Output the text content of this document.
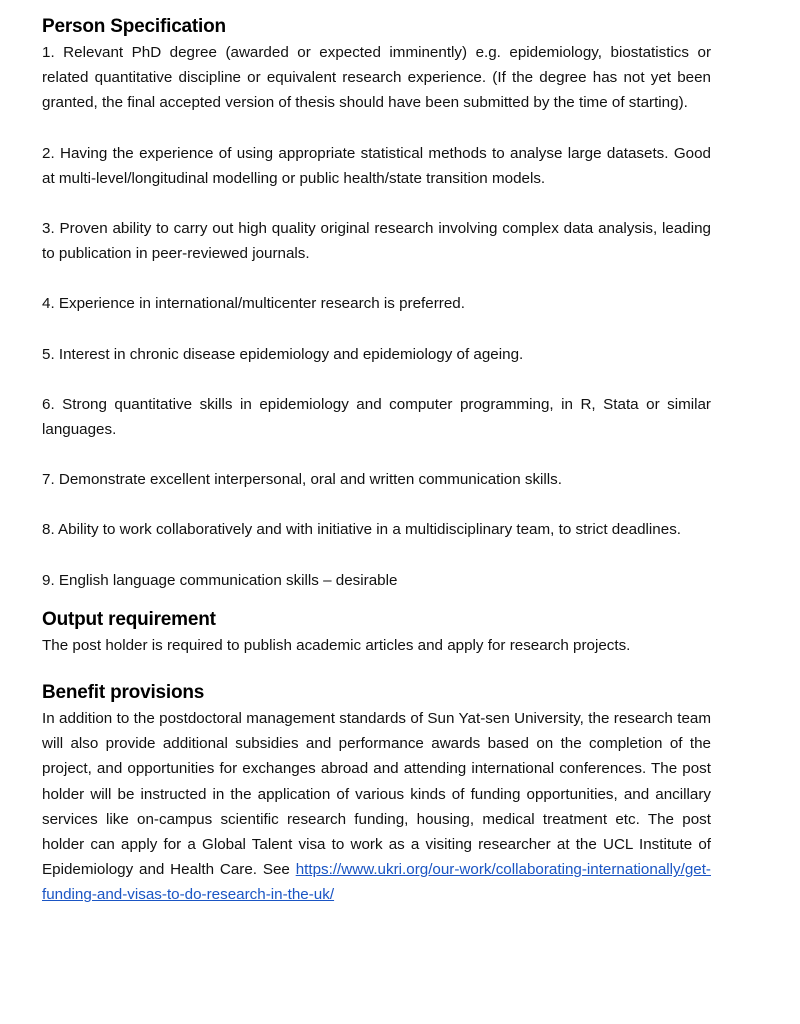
Person Specification

1. Relevant PhD degree (awarded or expected imminently) e.g. epidemiology, biostatistics or related quantitative discipline or equivalent research experience. (If the degree has not yet been granted, the final accepted version of thesis should have been submitted by the time of starting).

2. Having the experience of using appropriate statistical methods to analyse large datasets. Good at multi-level/longitudinal modelling or public health/state transition models.

3. Proven ability to carry out high quality original research involving complex data analysis, leading to publication in peer-reviewed journals.

4. Experience in international/multicenter research is preferred.

5. Interest in chronic disease epidemiology and epidemiology of ageing.

6. Strong quantitative skills in epidemiology and computer programming, in R, Stata or similar languages.

7. Demonstrate excellent interpersonal, oral and written communication skills.

8. Ability to work collaboratively and with initiative in a multidisciplinary team, to strict deadlines.

9. English language communication skills – desirable

Output requirement

The post holder is required to publish academic articles and apply for research projects.

Benefit provisions

In addition to the postdoctoral management standards of Sun Yat-sen University, the research team will also provide additional subsidies and performance awards based on the completion of the project, and opportunities for exchanges abroad and attending international conferences. The post holder will be instructed in the application of various kinds of funding opportunities, and ancillary services like on-campus scientific research funding, housing, medical treatment etc. The post holder can apply for a Global Talent visa to work as a visiting researcher at the UCL Institute of Epidemiology and Health Care. See https://www.ukri.org/our-work/collaborating-internationally/get-funding-and-visas-to-do-research-in-the-uk/
